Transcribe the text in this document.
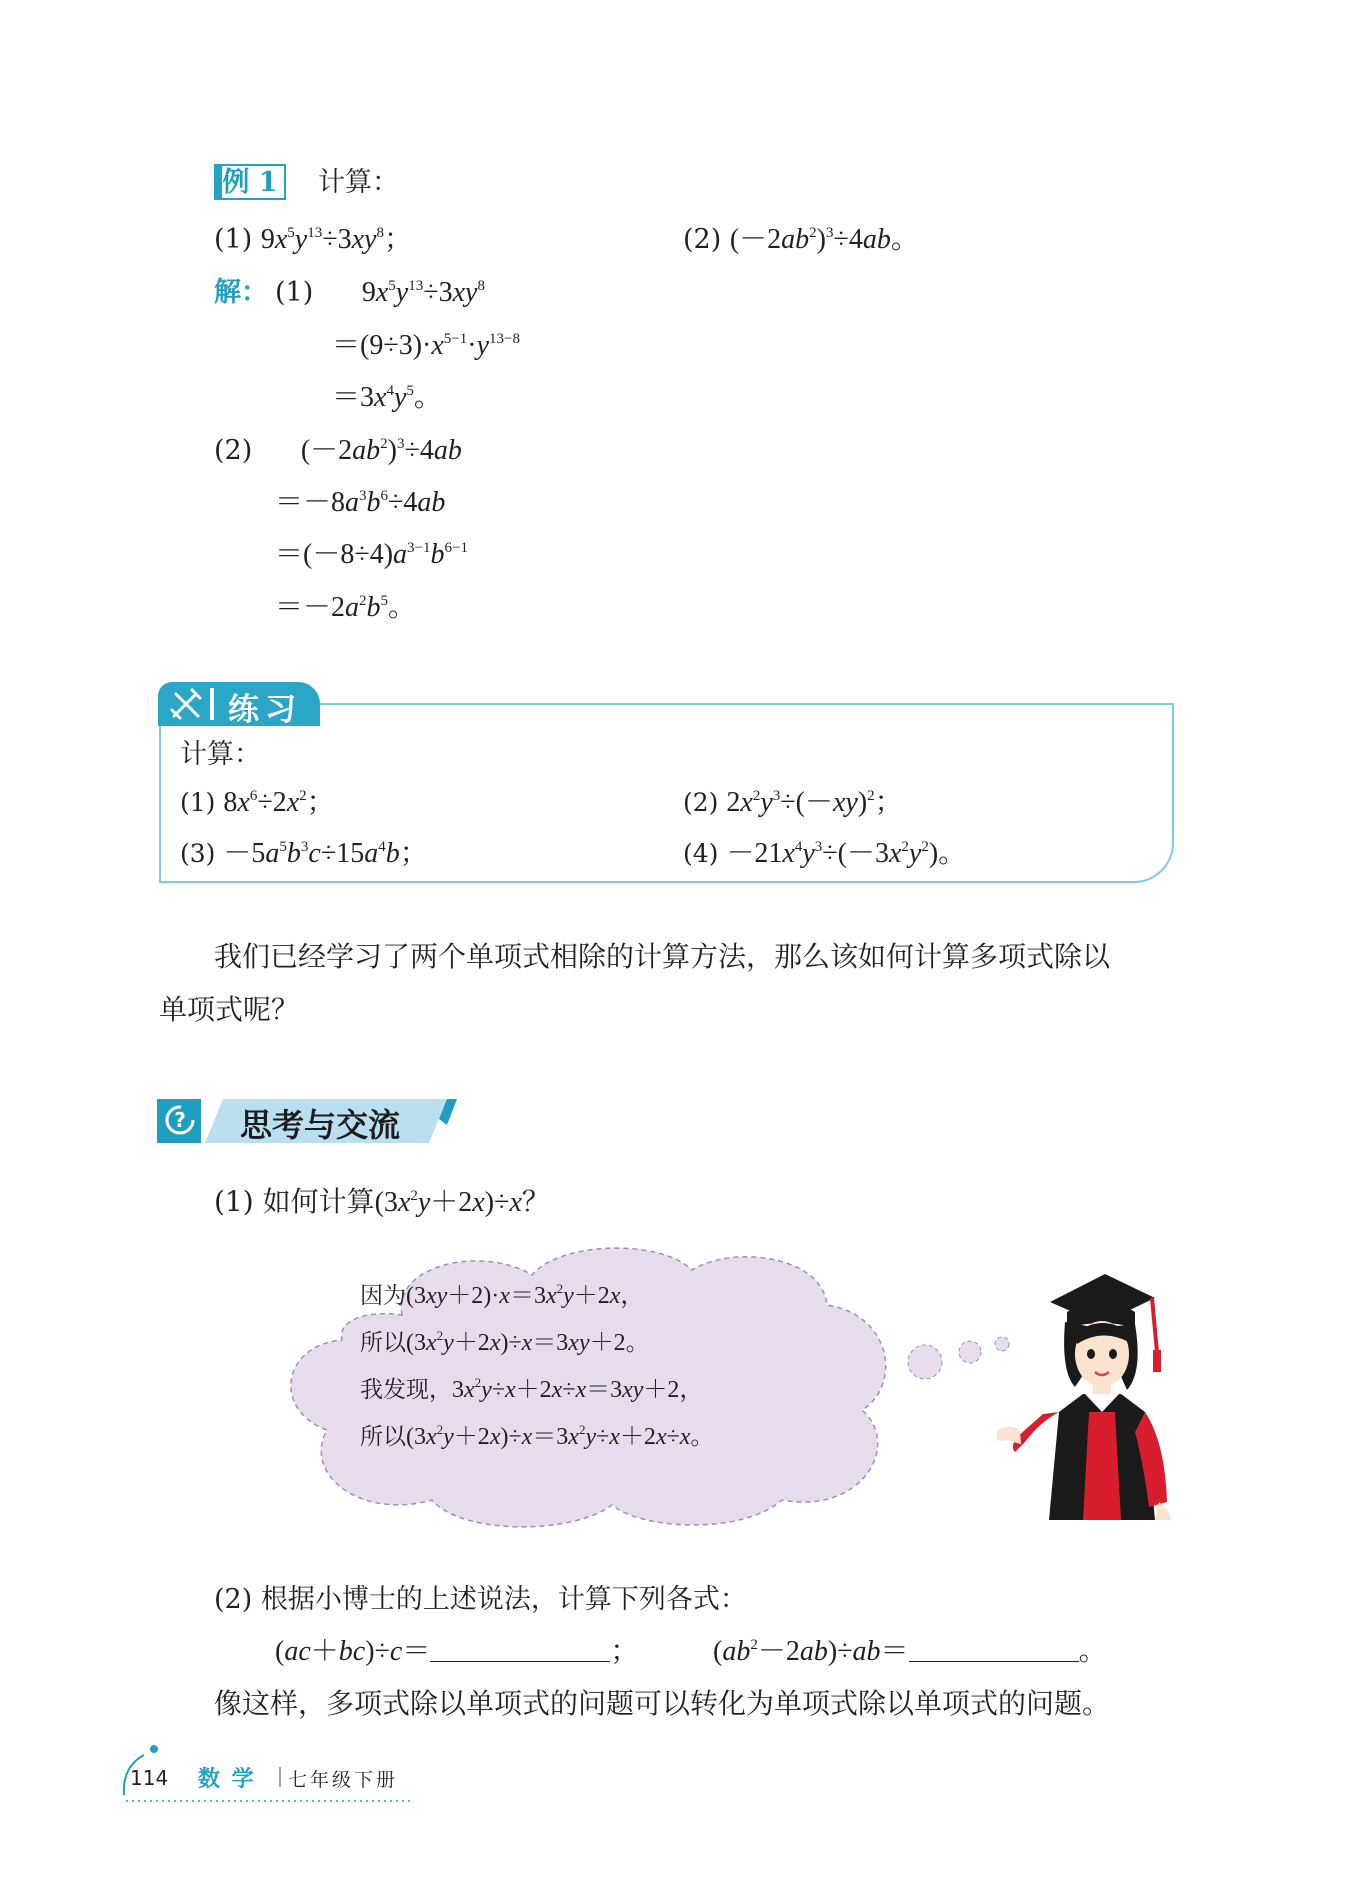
例 1	计算：
(1) $9x^5y^{13}\div 3xy^8$；	(2) $(-2ab^2)^3\div 4ab$。
解： (1) $9x^5y^{13}\div 3xy^8$
$=(9\div 3)\cdot x^{5-1}\cdot y^{13-8}$
$=3x^4y^5$。
(2) $(-2ab^2)^3\div 4ab$
$=-8a^3b^6\div 4ab$
$=(-8\div 4)a^{3-1}b^{6-1}$
$=-2a^2b^5$。
练习
计算：
(1) $8x^6\div 2x^2$；	(2) $2x^2y^3\div(-xy)^2$；
$(3) -5a^5b^3c\div 15a^4b$；	$(4) -21x^4y^3\div(-3x^2y^2)$。
我们已经学习了两个单项式相除的计算方法，那么该如何计算多项式除以
单项式呢？
? 思考与交流
(1) 如何计算$(3x^2y+2x)\div x$？
因为$(3xy+2)\cdot x=3x^2y+2x$，
所以$(3x^2y+2x)\div x=3xy+2$。
我发现，$3x^2y\div x+2x\div x=3xy+2$，
所以$(3x^2y+2x)\div x=3x^2y\div x+2x\div x$。
(2) 根据小博士的上述说法，计算下列各式：
(ac＋bc)÷c＝	；	$(ab^2-2ab)\div ab=$	。
像这样，多项式除以单项式的问题可以转化为单项式除以单项式的问题。
114 数 学 七年级下册
